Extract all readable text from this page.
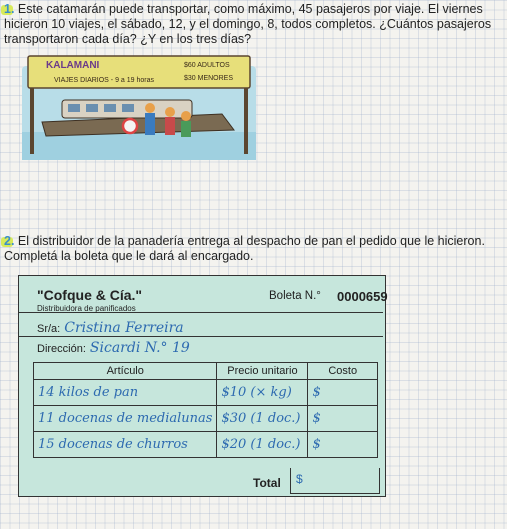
1. Este catamarán puede transportar, como máximo, 45 pasajeros por viaje. El viernes hicieron 10 viajes, el sábado, 12, y el domingo, 8, todos completos. ¿Cuántos pasajeros transportaron cada día? ¿Y en los tres días?
KALAMANI
VIAJES DIARIOS - 9 a 19 horas
$60 ADULTOS
$30 MENORES
2. El distribuidor de la panadería entrega al despacho de pan el pedido que le hicieron. Completá la boleta que le dará al encargado.
"Cofque & Cía."
Distribuidora de panificados
Boleta N.° 0000659
Sr/a: Cristina Ferreira
Dirección: Sicardi N.° 19
Artículo	Precio unitario	Costo
14 kilos de pan	$10 (× kg)	$
11 docenas de medialunas	$30 (1 doc.)	$
15 docenas de churros	$20 (1 doc.)	$
Total $
